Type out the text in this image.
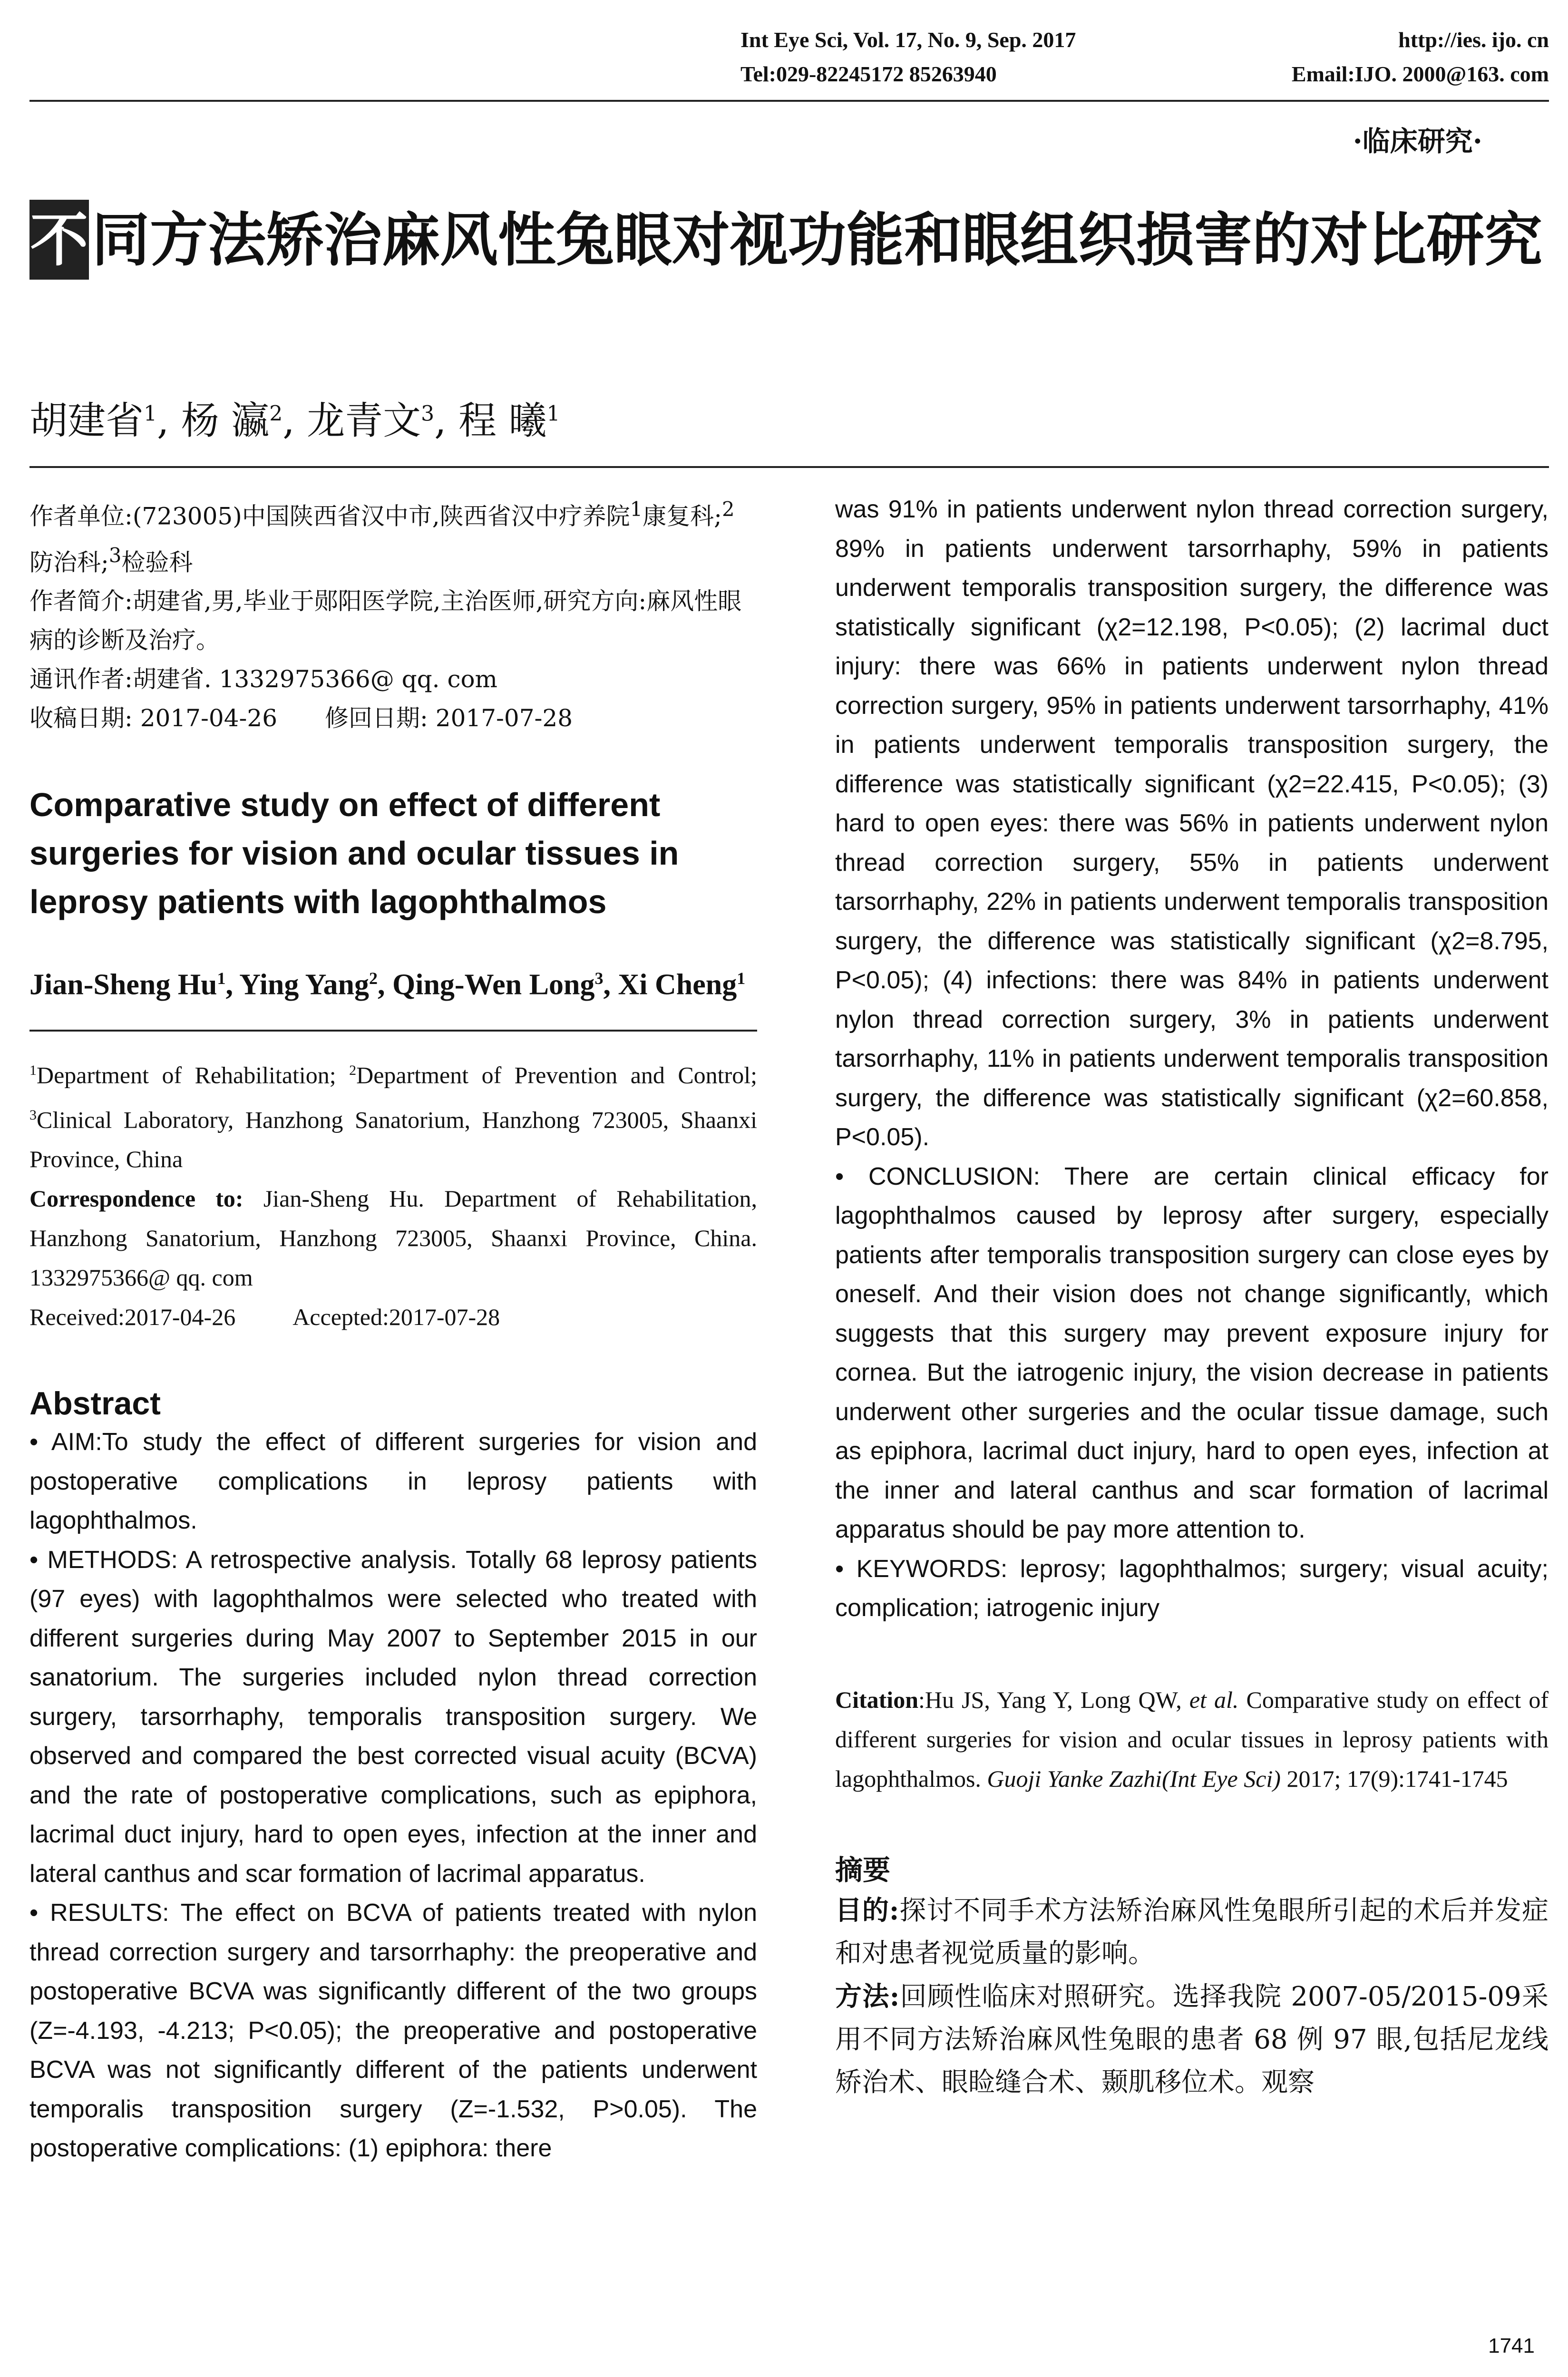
Int Eye Sci, Vol. 17, No. 9, Sep. 2017	http://ies. ijo. cn
Tel:029-82245172 85263940	Email:IJO. 2000@163. com
·临床研究·
不同方法矫治麻风性兔眼对视功能和眼组织损害的对比研究
胡建省$^1$, 杨 瀛$^2$, 龙青文$^3$, 程 曦$^1$
作者单位:(723005)中国陕西省汉中市,陕西省汉中疗养院$^1$康复科;$^2$防治科;$^3$检验科
作者简介:胡建省,男,毕业于郧阳医学院,主治医师,研究方向:麻风性眼病的诊断及治疗。
通讯作者:胡建省. 1332975366@ qq. com
收稿日期: 2017-04-26 修回日期: 2017-07-28
Comparative study on effect of different surgeries for vision and ocular tissues in leprosy patients with lagophthalmos
Jian-Sheng Hu$^1$, Ying Yang$^2$, Qing-Wen Long$^3$, Xi Cheng$^1$
$^1$Department of Rehabilitation; $^2$Department of Prevention and Control; $^3$Clinical Laboratory, Hanzhong Sanatorium, Hanzhong 723005, Shaanxi Province, China
Correspondence to: Jian-Sheng Hu. Department of Rehabilitation, Hanzhong Sanatorium, Hanzhong 723005, Shaanxi Province, China. 1332975366@ qq. com
Received:2017-04-26 Accepted:2017-07-28
Abstract

• AIM:To study the effect of different surgeries for vision and postoperative complications in leprosy patients with lagophthalmos.

• METHODS: A retrospective analysis. Totally 68 leprosy patients (97 eyes) with lagophthalmos were selected who treated with different surgeries during May 2007 to September 2015 in our sanatorium. The surgeries included nylon thread correction surgery, tarsorrhaphy, temporalis transposition surgery. We observed and compared the best corrected visual acuity (BCVA) and the rate of postoperative complications, such as epiphora, lacrimal duct injury, hard to open eyes, infection at the inner and lateral canthus and scar formation of lacrimal apparatus.

• RESULTS: The effect on BCVA of patients treated with nylon thread correction surgery and tarsorrhaphy: the preoperative and postoperative BCVA was significantly different of the two groups (Z=-4.193, -4.213; P<0.05); the preoperative and postoperative BCVA was not significantly different of the patients underwent temporalis transposition surgery (Z=-1.532, P>0.05). The postoperative complications: (1) epiphora: there

was 91% in patients underwent nylon thread correction surgery, 89% in patients underwent tarsorrhaphy, 59% in patients underwent temporalis transposition surgery, the difference was statistically significant (χ2=12.198, P<0.05); (2) lacrimal duct injury: there was 66% in patients underwent nylon thread correction surgery, 95% in patients underwent tarsorrhaphy, 41% in patients underwent temporalis transposition surgery, the difference was statistically significant (χ2=22.415, P<0.05); (3) hard to open eyes: there was 56% in patients underwent nylon thread correction surgery, 55% in patients underwent tarsorrhaphy, 22% in patients underwent temporalis transposition surgery, the difference was statistically significant (χ2=8.795, P<0.05); (4) infections: there was 84% in patients underwent nylon thread correction surgery, 3% in patients underwent tarsorrhaphy, 11% in patients underwent temporalis transposition surgery, the difference was statistically significant (χ2=60.858, P<0.05).

• CONCLUSION: There are certain clinical efficacy for lagophthalmos caused by leprosy after surgery, especially patients after temporalis transposition surgery can close eyes by oneself. And their vision does not change significantly, which suggests that this surgery may prevent exposure injury for cornea. But the iatrogenic injury, the vision decrease in patients underwent other surgeries and the ocular tissue damage, such as epiphora, lacrimal duct injury, hard to open eyes, infection at the inner and lateral canthus and scar formation of lacrimal apparatus should be pay more attention to.

• KEYWORDS: leprosy; lagophthalmos; surgery; visual acuity; complication; iatrogenic injury

Citation:Hu JS, Yang Y, Long QW, et al. Comparative study on effect of different surgeries for vision and ocular tissues in leprosy patients with lagophthalmos. Guoji Yanke Zazhi(Int Eye Sci) 2017; 17(9):1741-1745
摘要

目的:探讨不同手术方法矫治麻风性兔眼所引起的术后并发症和对患者视觉质量的影响。

方法:回顾性临床对照研究。选择我院 2007-05/2015-09采用不同方法矫治麻风性兔眼的患者 68 例 97 眼,包括尼龙线矫治术、眼睑缝合术、颞肌移位术。观察

1741
